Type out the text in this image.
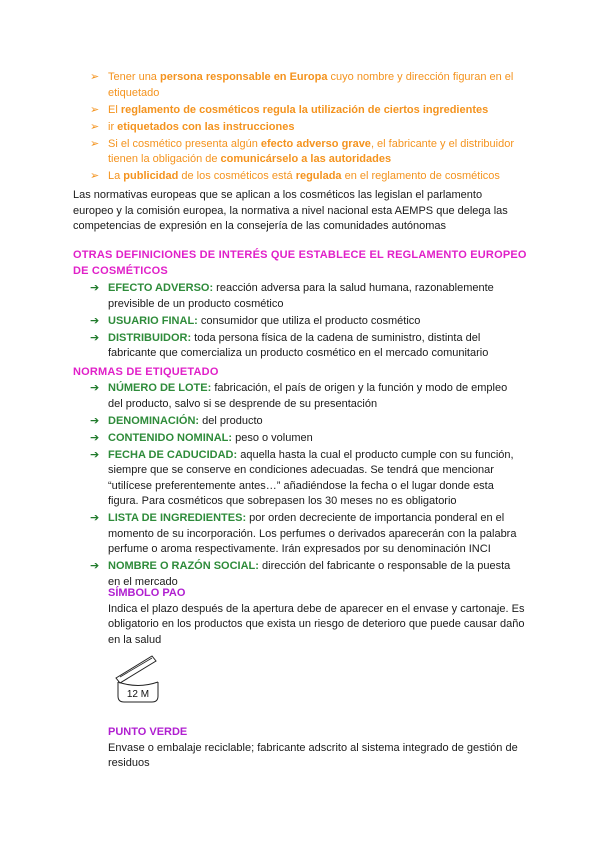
➢ Tener una persona responsable en Europa cuyo nombre y dirección figuran en el etiquetado
➢ El reglamento de cosméticos regula la utilización de ciertos ingredientes
➢ ir etiquetados con las instrucciones
➢ Si el cosmético presenta algún efecto adverso grave, el fabricante y el distribuidor tienen la obligación de comunicárselo a las autoridades
➢ La publicidad de los cosméticos está regulada en el reglamento de cosméticos
Las normativas europeas que se aplican a los cosméticos las legislan el parlamento europeo y la comisión europea, la normativa a nivel nacional esta AEMPS que delega las competencias de expresión en la consejería de las comunidades autónomas
OTRAS DEFINICIONES DE INTERÉS QUE ESTABLECE EL REGLAMENTO EUROPEO DE COSMÉTICOS
➔ EFECTO ADVERSO: reacción adversa para la salud humana, razonablemente previsible de un producto cosmético
➔ USUARIO FINAL: consumidor que utiliza el producto cosmético
➔ DISTRIBUIDOR: toda persona física de la cadena de suministro, distinta del fabricante que comercializa un producto cosmético en el mercado comunitario
NORMAS DE ETIQUETADO
➔ NÚMERO DE LOTE: fabricación, el país de origen y la función y modo de empleo del producto, salvo si se desprende de su presentación
➔ DENOMINACIÓN: del producto
➔ CONTENIDO NOMINAL: peso o volumen
➔ FECHA DE CADUCIDAD: aquella hasta la cual el producto cumple con su función, siempre que se conserve en condiciones adecuadas. Se tendrá que mencionar “utilícese preferentemente antes…” añadiéndose la fecha o el lugar donde esta figura. Para cosméticos que sobrepasen los 30 meses no es obligatorio
➔ LISTA DE INGREDIENTES: por orden decreciente de importancia ponderal en el momento de su incorporación. Los perfumes o derivados aparecerán con la palabra perfume o aroma respectivamente. Irán expresados por su denominación INCI
➔ NOMBRE O RAZÓN SOCIAL: dirección del fabricante o responsable de la puesta en el mercado
SÍMBOLO PAO
Indica el plazo después de la apertura debe de aparecer en el envase y cartonaje. Es obligatorio en los productos que exista un riesgo de deterioro que puede causar daño en la salud
12 M
PUNTO VERDE
Envase o embalaje reciclable; fabricante adscrito al sistema integrado de gestión de residuos
